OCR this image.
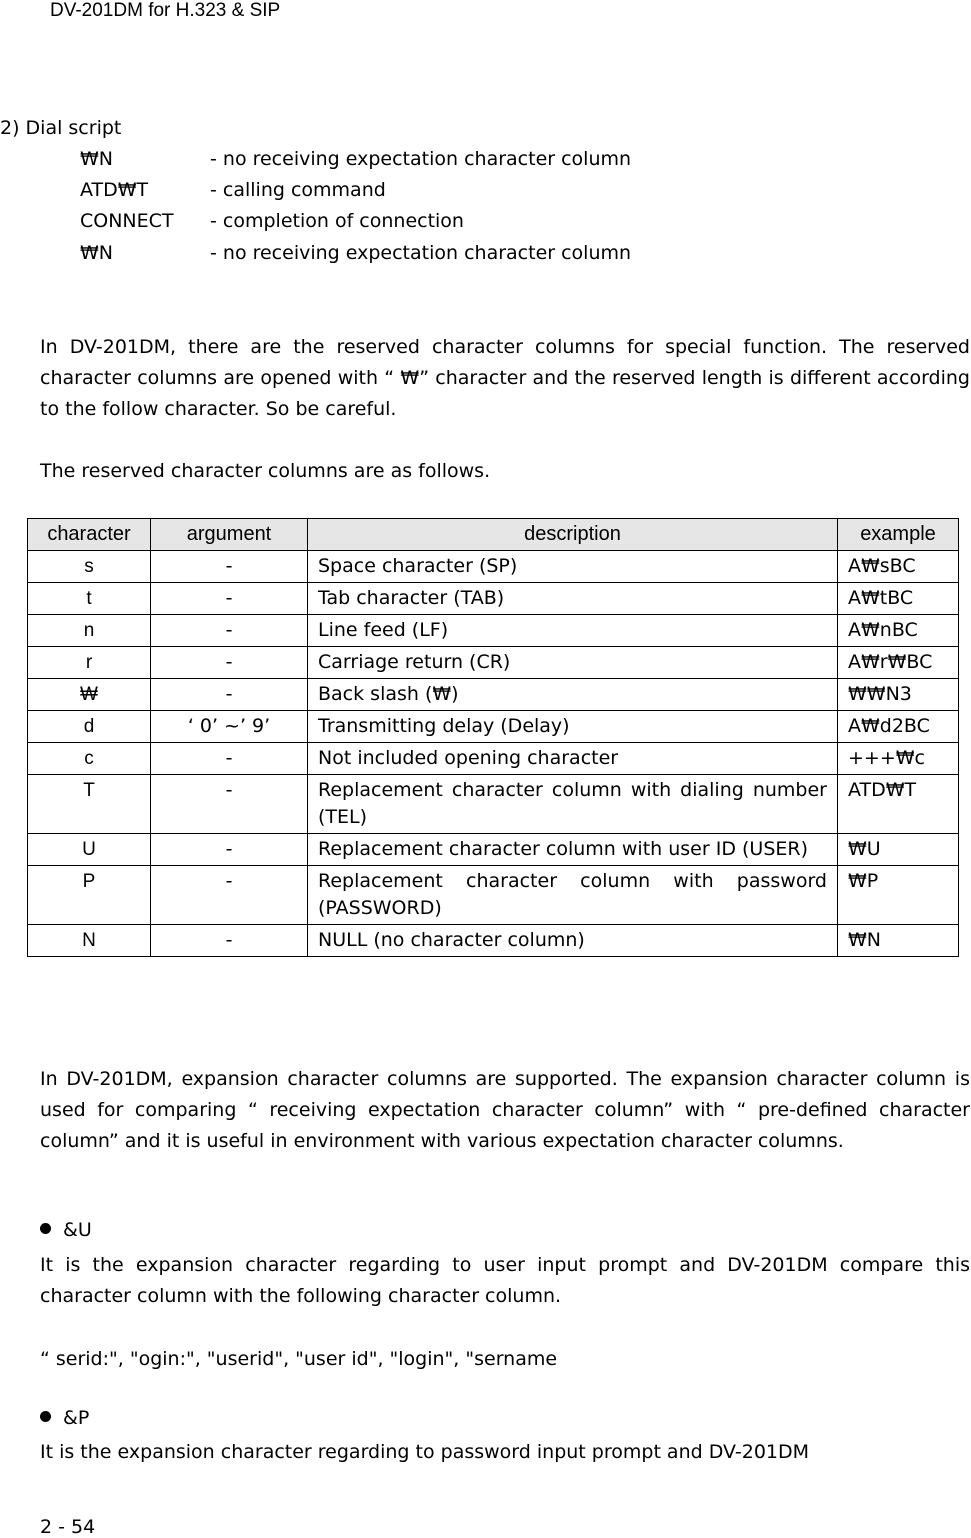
DV-201DM for H.323 & SIP
2) Dial script
₩N	- no receiving expectation character column
ATD₩T	- calling command
CONNECT - completion of connection
₩N	- no receiving expectation character column
In DV-201DM, there are the reserved character columns for special function. The reserved character columns are opened with “ ₩” character and the reserved length is different according to the follow character. So be careful.
The reserved character columns are as follows.
character	argument	description	example
s	-	Space character (SP)	A₩sBC
t	-	Tab character (TAB)	A₩tBC
n	-	Line feed (LF)	A₩nBC
r	-	Carriage return (CR)	A₩r₩BC
₩	-	Back slash (₩)	₩₩N3
d	‘ 0’ ~’ 9’	Transmitting delay (Delay)	A₩d2BC
c	-	Not included opening character	+++₩c
T	-	Replacement character column with dialing number (TEL)	ATD₩T
U	-	Replacement character column with user ID (USER)	₩U
P	-	Replacement character column with password (PASSWORD)	₩P
N	-	NULL (no character column)	₩N
In DV-201DM, expansion character columns are supported. The expansion character column is used for comparing “ receiving expectation character column” with “ pre-defined character column” and it is useful in environment with various expectation character columns.
&U
It is the expansion character regarding to user input prompt and DV-201DM compare this character column with the following character column.
“ serid:", "ogin:", "userid", "user id", "login", "sername
&P
It is the expansion character regarding to password input prompt and DV-201DM
2 - 54
